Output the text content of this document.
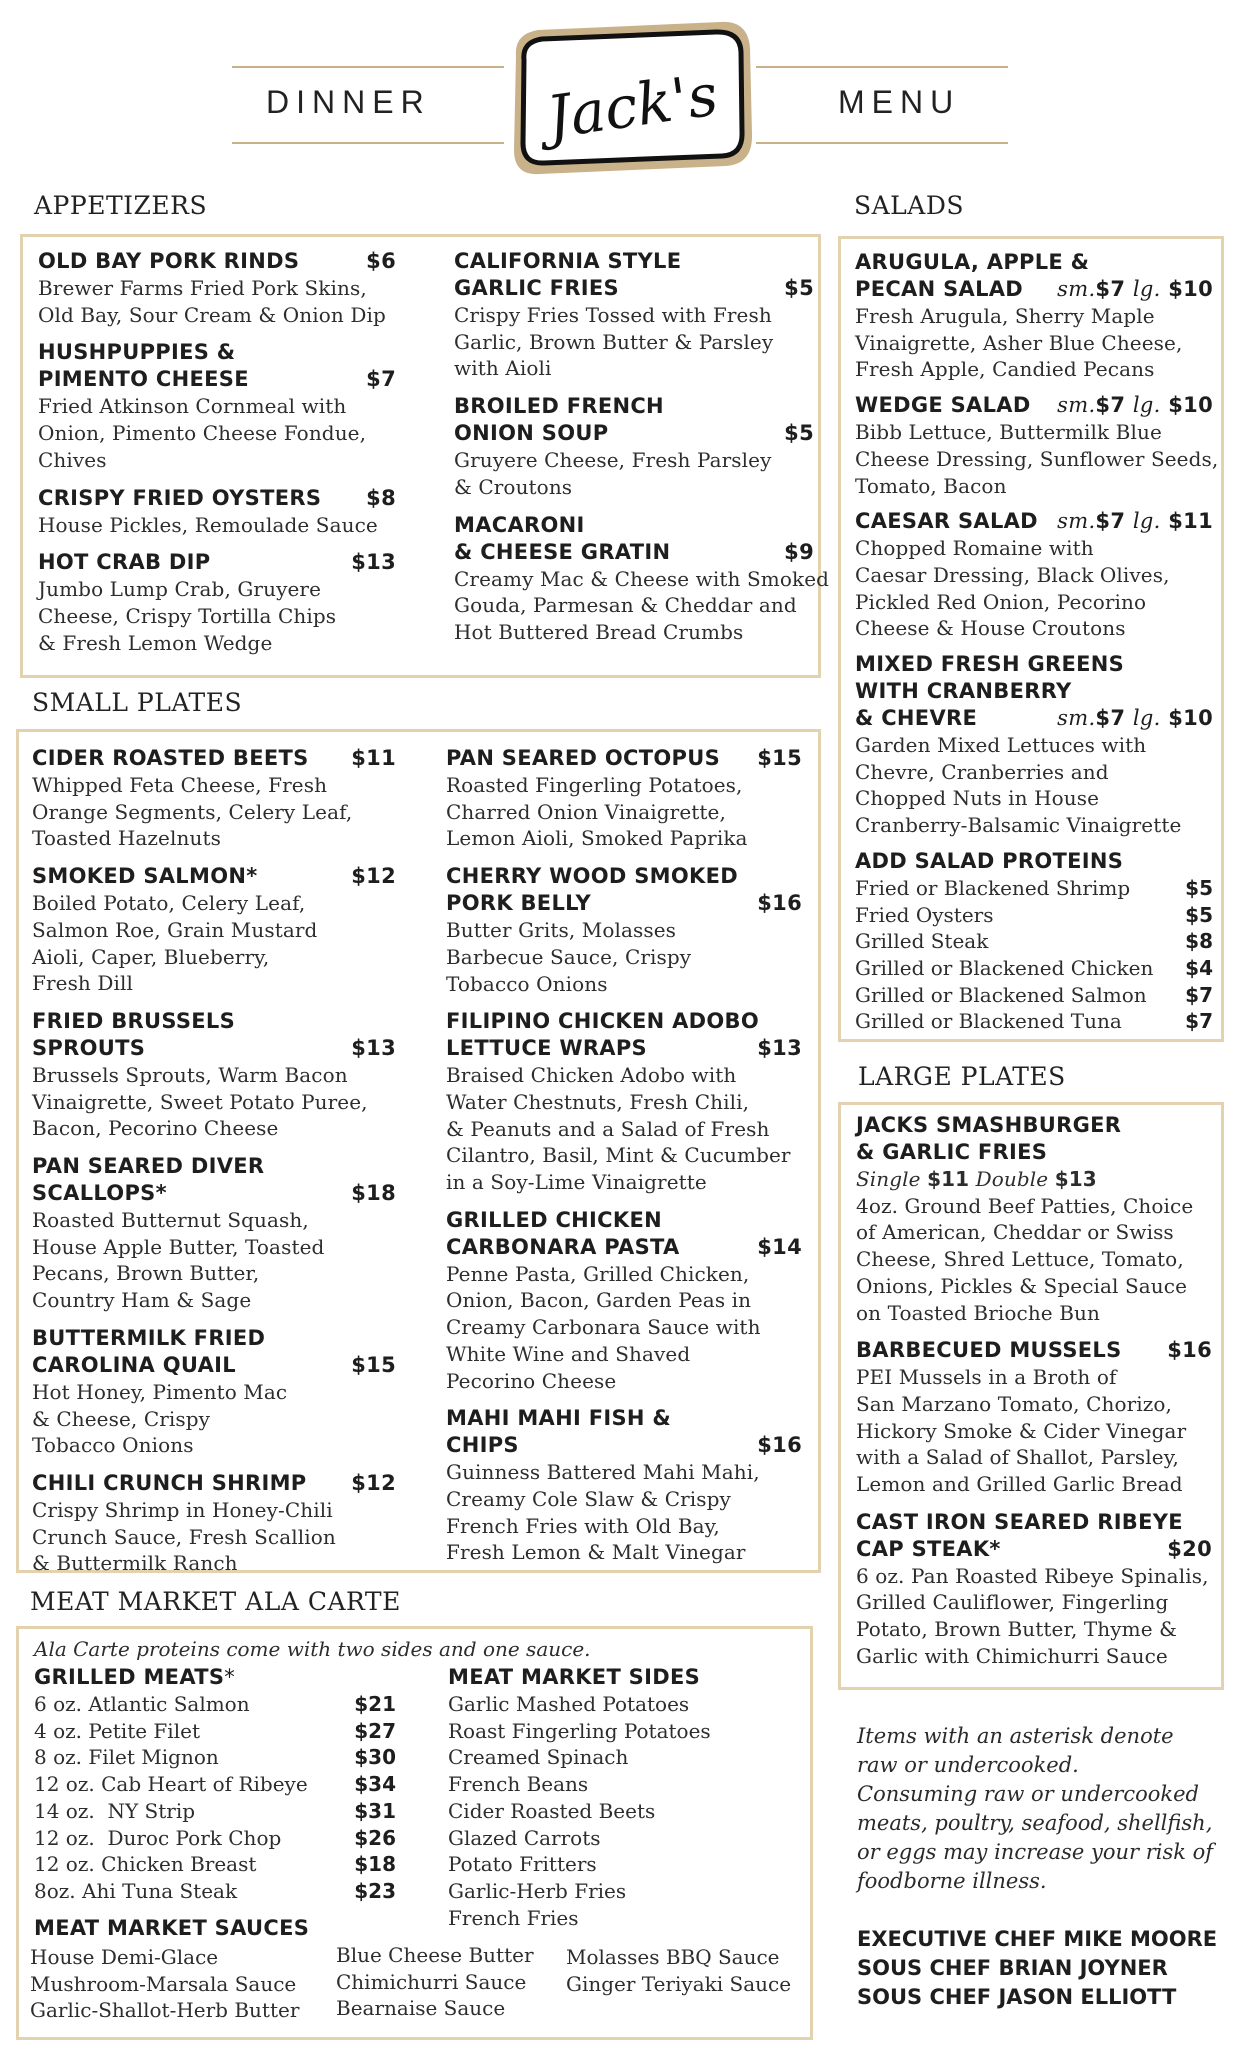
DINNER	MENU
Jack's
APPETIZERS
OLD BAY PORK RINDS	$6
Brewer Farms Fried Pork Skins,
Old Bay, Sour Cream & Onion Dip
HUSHPUPPIES &
PIMENTO CHEESE	$7
Fried Atkinson Cornmeal with
Onion, Pimento Cheese Fondue,
Chives
CRISPY FRIED OYSTERS	$8
House Pickles, Remoulade Sauce
HOT CRAB DIP	$13
Jumbo Lump Crab, Gruyere
Cheese, Crispy Tortilla Chips
& Fresh Lemon Wedge
CALIFORNIA STYLE
GARLIC FRIES	$5
Crispy Fries Tossed with Fresh
Garlic, Brown Butter & Parsley
with Aioli
BROILED FRENCH
ONION SOUP	$5
Gruyere Cheese, Fresh Parsley
& Croutons
MACARONI
& CHEESE GRATIN	$9
Creamy Mac & Cheese with Smoked
Gouda, Parmesan & Cheddar and
Hot Buttered Bread Crumbs
SMALL PLATES
CIDER ROASTED BEETS	$11
Whipped Feta Cheese, Fresh
Orange Segments, Celery Leaf,
Toasted Hazelnuts
SMOKED SALMON*	$12
Boiled Potato, Celery Leaf,
Salmon Roe, Grain Mustard
Aioli, Caper, Blueberry,
Fresh Dill
FRIED BRUSSELS SPROUTS	$13
Brussels Sprouts, Warm Bacon
Vinaigrette, Sweet Potato Puree,
Bacon, Pecorino Cheese
PAN SEARED DIVER
SCALLOPS*	$18
Roasted Butternut Squash,
House Apple Butter, Toasted
Pecans, Brown Butter,
Country Ham & Sage
BUTTERMILK FRIED
CAROLINA QUAIL	$15
Hot Honey, Pimento Mac
& Cheese, Crispy
Tobacco Onions
CHILI CRUNCH SHRIMP	$12
Crispy Shrimp in Honey-Chili
Crunch Sauce, Fresh Scallion
& Buttermilk Ranch
PAN SEARED OCTOPUS	$15
Roasted Fingerling Potatoes,
Charred Onion Vinaigrette,
Lemon Aioli, Smoked Paprika
CHERRY WOOD SMOKED
PORK BELLY	$16
Butter Grits, Molasses
Barbecue Sauce, Crispy
Tobacco Onions
FILIPINO CHICKEN ADOBO
LETTUCE WRAPS	$13
Braised Chicken Adobo with
Water Chestnuts, Fresh Chili,
& Peanuts and a Salad of Fresh
Cilantro, Basil, Mint & Cucumber
in a Soy-Lime Vinaigrette
GRILLED CHICKEN
CARBONARA PASTA	$14
Penne Pasta, Grilled Chicken,
Onion, Bacon, Garden Peas in
Creamy Carbonara Sauce with
White Wine and Shaved
Pecorino Cheese
MAHI MAHI FISH & CHIPS	$16
Guinness Battered Mahi Mahi,
Creamy Cole Slaw & Crispy
French Fries with Old Bay,
Fresh Lemon & Malt Vinegar
MEAT MARKET ALA CARTE
Ala Carte proteins come with two sides and one sauce.
GRILLED MEATS*
6 oz. Atlantic Salmon	$21
4 oz. Petite Filet	$27
8 oz. Filet Mignon	$30
12 oz. Cab Heart of Ribeye $34
14 oz.  NY Strip	$31
12 oz.  Duroc Pork Chop	$26
12 oz. Chicken Breast	$18
8oz. Ahi Tuna Steak	$23
MEAT MARKET SIDES
Garlic Mashed Potatoes
Roast Fingerling Potatoes
Creamed Spinach
French Beans
Cider Roasted Beets
Glazed Carrots
Potato Fritters
Garlic-Herb Fries
French Fries
MEAT MARKET SAUCES
House Demi-Glace
Mushroom-Marsala Sauce
Garlic-Shallot-Herb Butter
Blue Cheese Butter
Chimichurri Sauce
Bearnaise Sauce
Molasses BBQ Sauce
Ginger Teriyaki Sauce
SALADS
ARUGULA, APPLE &
PECAN SALAD	sm.$7 lg. $10
Fresh Arugula, Sherry Maple
Vinaigrette, Asher Blue Cheese,
Fresh Apple, Candied Pecans
WEDGE SALAD	sm.$7 lg. $10
Bibb Lettuce, Buttermilk Blue
Cheese Dressing, Sunflower Seeds,
Tomato, Bacon
CAESAR SALAD sm.$7 lg. $11
Chopped Romaine with
Caesar Dressing, Black Olives,
Pickled Red Onion, Pecorino
Cheese & House Croutons
MIXED FRESH GREENS
WITH CRANBERRY
& CHEVRE	sm.$7 lg. $10
Garden Mixed Lettuces with
Chevre, Cranberries and
Chopped Nuts in House
Cranberry-Balsamic Vinaigrette
ADD SALAD PROTEINS
Fried or Blackened Shrimp	$5
Fried Oysters	$5
Grilled Steak	$8
Grilled or Blackened Chicken $4
Grilled or Blackened Salmon $7
Grilled or Blackened Tuna	$7
LARGE PLATES
JACKS SMASHBURGER
& GARLIC FRIES
Single $11 Double $13
4oz. Ground Beef Patties, Choice
of American, Cheddar or Swiss
Cheese, Shred Lettuce, Tomato,
Onions, Pickles & Special Sauce
on Toasted Brioche Bun
BARBECUED MUSSELS	$16
PEI Mussels in a Broth of
San Marzano Tomato, Chorizo,
Hickory Smoke & Cider Vinegar
with a Salad of Shallot, Parsley,
Lemon and Grilled Garlic Bread
CAST IRON SEARED RIBEYE
CAP STEAK*	$20
6 oz. Pan Roasted Ribeye Spinalis,
Grilled Cauliflower, Fingerling
Potato, Brown Butter, Thyme &
Garlic with Chimichurri Sauce
Items with an asterisk denote
raw or undercooked.
Consuming raw or undercooked
meats, poultry, seafood, shellfish,
or eggs may increase your risk of
foodborne illness.
EXECUTIVE CHEF MIKE MOORE
SOUS CHEF BRIAN JOYNER
SOUS CHEF JASON ELLIOTT
